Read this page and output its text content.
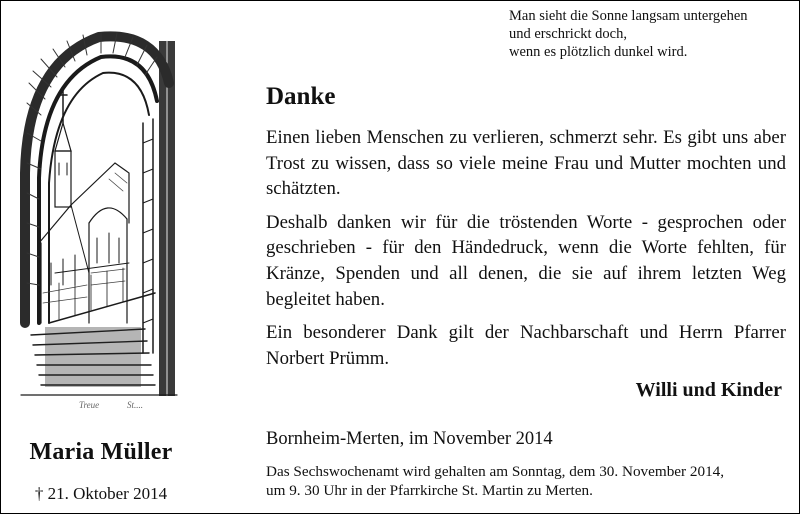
Treue	St....
Maria Müller
† 21. Oktober 2014
Man sieht die Sonne langsam untergehen
und erschrickt doch,
wenn es plötzlich dunkel wird.
Danke

Einen lieben Menschen zu verlieren, schmerzt sehr. Es gibt uns aber Trost zu wissen, dass so viele meine Frau und Mutter mochten und schätzten.

Deshalb danken wir für die tröstenden Worte - gesprochen oder geschrieben - für den Händedruck, wenn die Worte fehlten, für Kränze, Spenden und all denen, die sie auf ihrem letzten Weg begleitet haben.

Ein besonderer Dank gilt der Nachbarschaft und Herrn Pfarrer Norbert Prümm.

Willi und Kinder
Bornheim-Merten, im November 2014
Das Sechswochenamt wird gehalten am Sonntag, dem 30. November 2014,
um 9. 30 Uhr in der Pfarrkirche St. Martin zu Merten.
